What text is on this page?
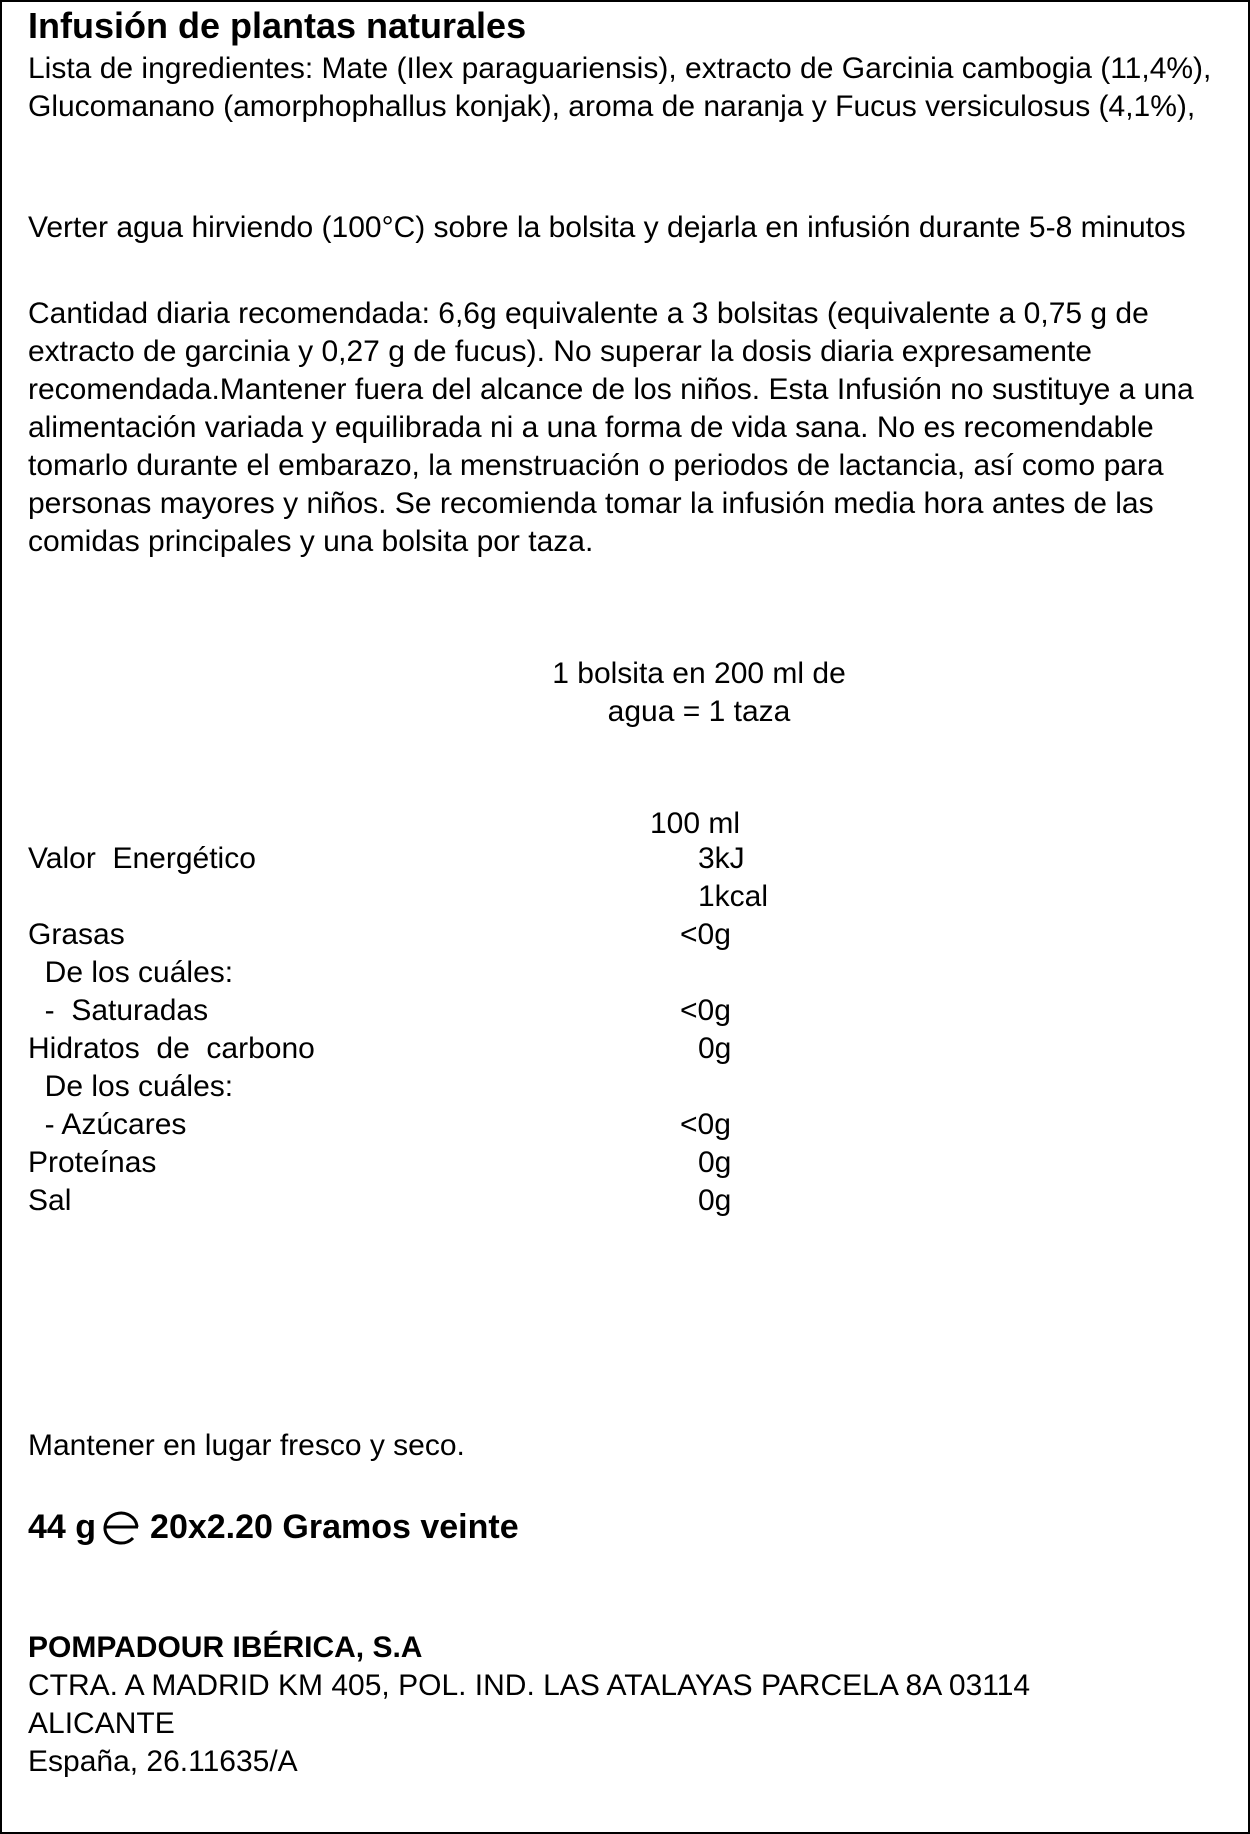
Infusión de plantas naturales

Lista de ingredientes: Mate (Ilex paraguariensis), extracto de Garcinia cambogia (11,4%), Glucomanano (amorphophallus konjak), aroma de naranja y Fucus versiculosus (4,1%),

Verter agua hirviendo (100°C) sobre la bolsita y dejarla en infusión durante 5-8 minutos

Cantidad diaria recomendada: 6,6g equivalente a 3 bolsitas (equivalente a 0,75 g de extracto de garcinia y 0,27 g de fucus). No superar la dosis diaria expresamente recomendada.Mantener fuera del alcance de los niños. Esta Infusión no sustituye a una alimentación variada y equilibrada ni a una forma de vida sana. No es recomendable tomarlo durante el embarazo, la menstruación o periodos de lactancia, así como para personas mayores y niños. Se recomienda tomar la infusión media hora antes de las comidas principales y una bolsita por taza.

1 bolsita en 200 ml de
agua = 1 taza
100 ml
Valor  Energético	3kJ
1kcal
Grasas	<0g
De los cuáles:
-  Saturadas	<0g
Hidratos  de  carbono	0g
De los cuáles:
- Azúcares	<0g
Proteínas	0g
Sal	0g

Mantener en lugar fresco y seco.

44 g 20x2.20 Gramos veinte

POMPADOUR IBÉRICA, S.A

CTRA. A MADRID KM 405, POL. IND. LAS ATALAYAS PARCELA 8A 03114

ALICANTE

España, 26.11635/A
